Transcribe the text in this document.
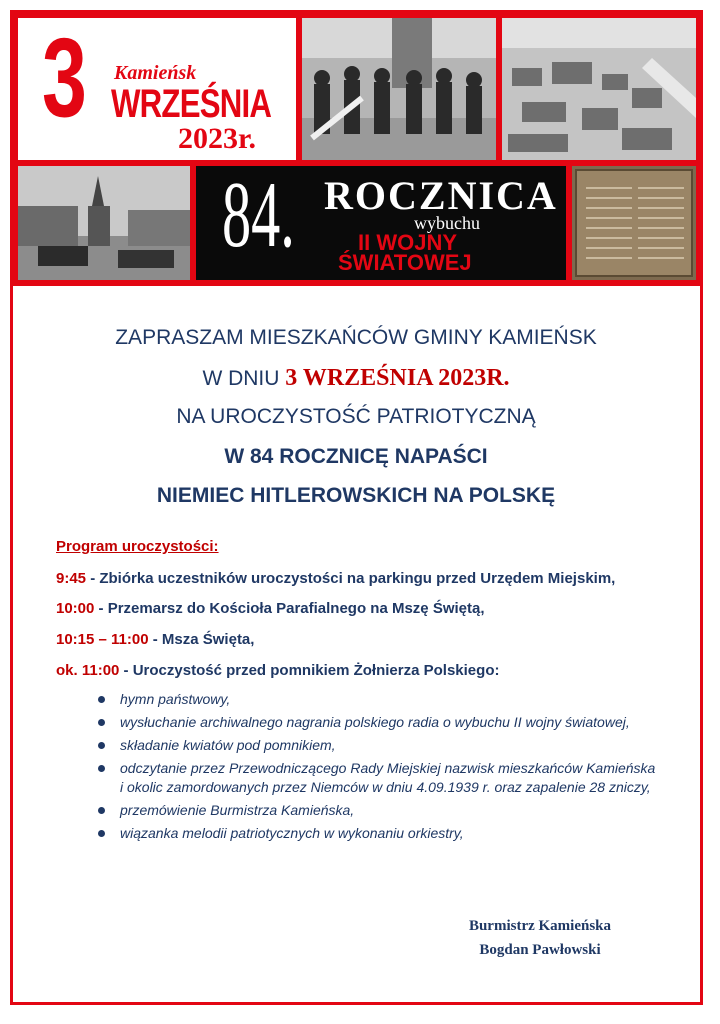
3 Kamieńsk
WRZEŚNIA
2023r.
84. ROCZNICA
wybuchu
II WOJNY
ŚWIATOWEJ
ZAPRASZAM MIESZKAŃCÓW GMINY KAMIEŃSK
W DNIU 3 WRZEŚNIA 2023R.
NA UROCZYSTOŚĆ PATRIOTYCZNĄ
W 84 ROCZNICĘ NAPAŚCI
NIEMIEC HITLEROWSKICH NA POLSKĘ
Program uroczystości:
9:45 - Zbiórka uczestników uroczystości na parkingu przed Urzędem Miejskim,
10:00 - Przemarsz do Kościoła Parafialnego na Mszę Świętą,
10:15 – 11:00 - Msza Święta,
ok. 11:00 - Uroczystość przed pomnikiem Żołnierza Polskiego:
hymn państwowy,
wysłuchanie archiwalnego nagrania polskiego radia o wybuchu II wojny światowej,
składanie kwiatów pod pomnikiem,
odczytanie przez Przewodniczącego Rady Miejskiej nazwisk mieszkańców Kamieńska i okolic zamordowanych przez Niemców w dniu 4.09.1939 r. oraz zapalenie 28 zniczy,
przemówienie Burmistrza Kamieńska,
wiązanka melodii patriotycznych w wykonaniu orkiestry,
Burmistrz Kamieńska
Bogdan Pawłowski
